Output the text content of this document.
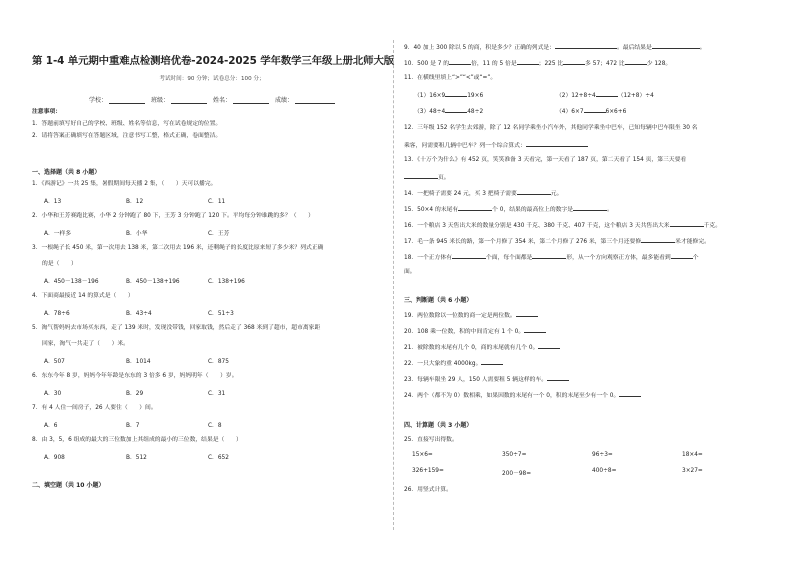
第 1-4 单元期中重难点检测培优卷-2024-2025 学年数学三年级上册北师大版
考试时间：90 分钟；试卷总分：100 分；
学校：	班级：	姓名：	成绩：
注意事项：
1．答题前填写好自己的学校、班级、姓名等信息，写在试卷规定的位置。
2．请将答案正确填写在答题区域，注意书写工整，格式正确，卷面整洁。
一、选择题（共 8 小题）
1．《西游记》一共 25 集，暑假期间每天播 2 集，（　　）天可以播完。
A．13	B．12	C．11
2．小华和王芳赛跑比赛，小华 2 分钟跑了 80 下，王芳 3 分钟跑了 120 下。平均每分钟谁跳的多？（　　）
A．一样多	B．小华	C．王芳
3．一根绳子长 450 米，第一次用去 138 米，第二次用去 196 米，还剩绳子的长度比原来短了多少米？列式正确
的是（　　）
A．450－138－196	B．450－138+196	C．138+196
4．下面商最接近 14 的算式是（　　）
A．78÷6	B．43÷4	C．51÷3
5．淘气帮妈妈去市场买东西，走了 139 米时，发现没带钱，回家取钱，然后走了 368 米到了超市，超市离家距
回家，淘气一共走了（　　）米。
A．507	B．1014	C．875
6．东东今年 8 岁，妈妈今年年龄是东东的 3 倍多 6 岁，妈妈明年（　　）岁。
A．30	B．29	C．31
7．有 4 人住一间房子，26 人要住（　　）间。
A．6	B．7	C．8
8．由 3，5，6 组成的最大的三位数加上其组成的最小的三位数，结果是（　　）
A．908	B．512	C．652
二、填空题（共 10 小题）
9．40 加上 300 除以 5 的商，积是多少？正确的列式是：	。最后结果是	。
10．500 是 7 的	倍，11 的 5 倍是	；225 比	多 57；472 比	少 128。
11．在横线里填上“>”“<”或“=”。
（1）16×9	19×6	（2）12+8÷4	（12+8）÷4
（3）48÷4	48÷2	（4）6×7	6×6+6
12．三年级 152 名学生去郊游，除了 12 名同学乘坐小汽车外，其他同学乘坐中巴车，已知每辆中巴车限坐 30 名
乘客，问需要租几辆中巴车？列一个综合算式：
13．《十万个为什么》有 452 页，笑笑准备 3 天看完，第一天看了 187 页，第二天看了 154 页，第三天要看
页。
14．一把椅子需要 24 元，买 3 把椅子需要	元。
15．50×4 的末尾有	个 0，结果的最高位上的数字是	。
16．一个粮店 3 天售出大米的数量分别是 430 千克、380 千克、407 千克，这个粮店 3 天共售出大米	千克。
17．毛一条 945 米长的路，第一个月修了 354 米，第二个月修了 276 米，第三个月还要修	米才能修完。
18．一个正方体有	个面，每个面都是	形，从一个方向观察正方体，最多能看到	个
面。
三、判断题（共 6 小题）
19．两位数除以一位数的商一定是两位数。
20．108 乘一位数，积的中间肯定有 1 个 0。
21．被除数的末尾有几个 0，商的末尾就有几个 0。
22．一只大象约重 4000kg。
23．每辆车限坐 29 人，150 人需要租 5 辆这样的车。
24．两个（都不为 0）数相乘，如果因数的末尾有一个 0，积的末尾至少有一个 0。
四、计算题（共 3 小题）
25．直接写出得数。
15×6=	350÷7=	96÷3=	18×4=
326+159=	200－98=	400÷8=	3×27=
26．用竖式计算。
